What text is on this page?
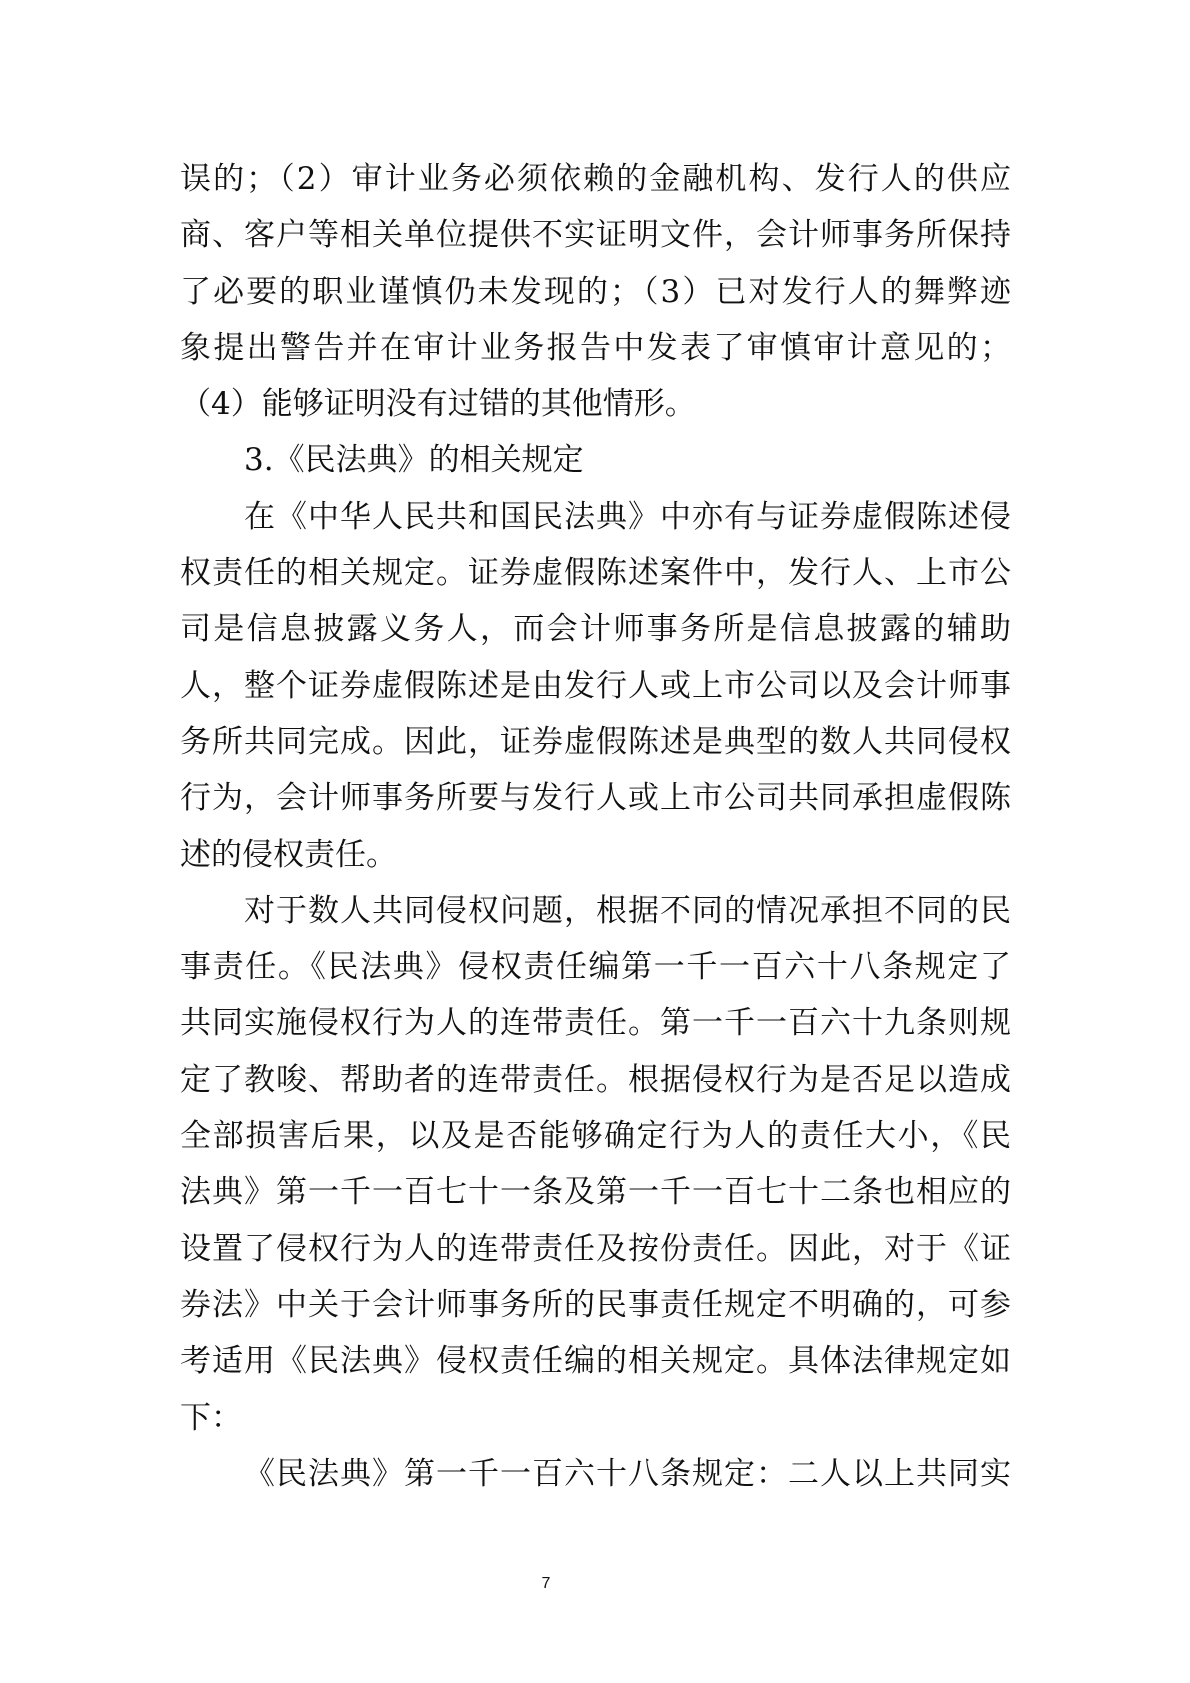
误的；（2）审计业务必须依赖的金融机构、发行人的供应
商、客户等相关单位提供不实证明文件，会计师事务所保持
了必要的职业谨慎仍未发现的；（3）已对发行人的舞弊迹
象提出警告并在审计业务报告中发表了审慎审计意见的；
（4）能够证明没有过错的其他情形。
3.《民法典》的相关规定
在《中华人民共和国民法典》中亦有与证券虚假陈述侵
权责任的相关规定。证券虚假陈述案件中，发行人、上市公
司是信息披露义务人，而会计师事务所是信息披露的辅助
人，整个证券虚假陈述是由发行人或上市公司以及会计师事
务所共同完成。因此，证券虚假陈述是典型的数人共同侵权
行为，会计师事务所要与发行人或上市公司共同承担虚假陈
述的侵权责任。
对于数人共同侵权问题，根据不同的情况承担不同的民
事责任。《民法典》侵权责任编第一千一百六十八条规定了
共同实施侵权行为人的连带责任。第一千一百六十九条则规
定了教唆、帮助者的连带责任。根据侵权行为是否足以造成
全部损害后果，以及是否能够确定行为人的责任大小，《民
法典》第一千一百七十一条及第一千一百七十二条也相应的
设置了侵权行为人的连带责任及按份责任。因此，对于《证
券法》中关于会计师事务所的民事责任规定不明确的，可参
考适用《民法典》侵权责任编的相关规定。具体法律规定如
下：
《民法典》第一千一百六十八条规定：二人以上共同实
7
